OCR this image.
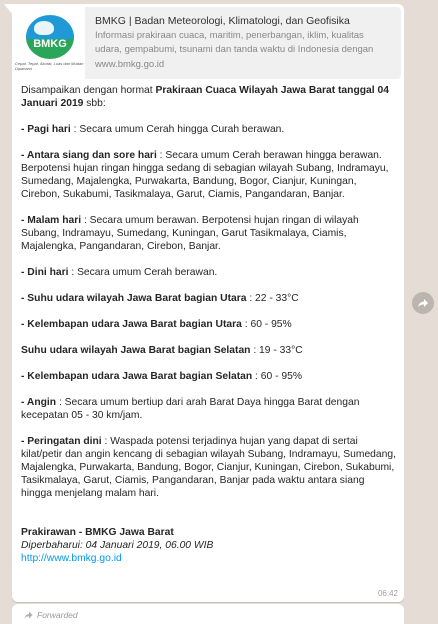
BMKG
Cepat, Tepat, Akurat, Luas dan Mudah Dipahami
BMKG | Badan Meteorologi, Klimatologi, dan Geofisika
Informasi prakiraan cuaca, maritim, penerbangan, iklim, kualitas udara, gempabumi, tsunami dan tanda waktu di Indonesia dengan
www.bmkg.go.id

Disampaikan dengan hormat Prakiraan Cuaca Wilayah Jawa Barat tanggal 04 Januari 2019 sbb:

- Pagi hari : Secara umum Cerah hingga Curah berawan.

- Antara siang dan sore hari : Secara umum Cerah berawan hingga berawan. Berpotensi hujan ringan hingga sedang di sebagian wilayah Subang, Indramayu, Sumedang, Majalengka, Purwakarta, Bandung, Bogor, Cianjur, Kuningan, Cirebon, Sukabumi, Tasikmalaya, Garut, Ciamis, Pangandaran, Banjar.

- Malam hari : Secara umum berawan. Berpotensi hujan ringan di wilayah Subang, Indramayu, Sumedang, Kuningan, Garut Tasikmalaya, Ciamis, Majalengka, Pangandaran, Cirebon, Banjar.

- Dini hari : Secara umum Cerah berawan.

- Suhu udara wilayah Jawa Barat bagian Utara : 22 - 33°C

- Kelembapan udara Jawa Barat bagian Utara : 60 - 95%

Suhu udara wilayah Jawa Barat bagian Selatan : 19 - 33°C

- Kelembapan udara Jawa Barat bagian Selatan : 60 - 95%

- Angin : Secara umum bertiup dari arah Barat Daya hingga Barat dengan kecepatan 05 - 30 km/jam.

- Peringatan dini : Waspada potensi terjadinya hujan yang dapat di sertai kilat/petir dan angin kencang di sebagian wilayah Subang, Indramayu, Sumedang, Majalengka, Purwakarta, Bandung, Bogor, Cianjur, Kuningan, Cirebon, Sukabumi, Tasikmalaya, Garut, Ciamis, Pangandaran, Banjar pada waktu antara siang hingga menjelang malam hari.

Prakirawan - BMKG Jawa Barat

Diperbaharui: 04 Januari 2019, 06.00 WIB

http://www.bmkg.go.id

06:42
Forwarded
